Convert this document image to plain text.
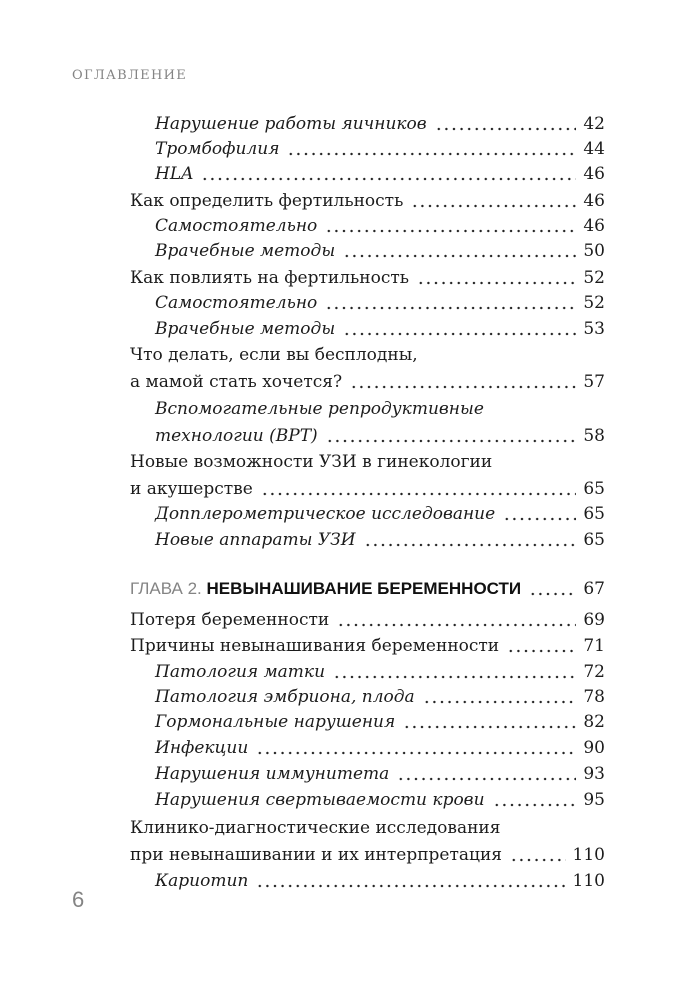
ОГЛАВЛЕНИЕ
Нарушение работы яичников	42
Тромбофилия	44
HLA	46
Как определить фертильность	46
Самостоятельно	46
Врачебные методы	50
Как повлиять на фертильность	52
Самостоятельно	52
Врачебные методы	53
Что делать, если вы бесплодны,
а мамой стать хочется?	57
Вспомогательные репродуктивные
технологии (ВРТ)	58
Новые возможности УЗИ в гинекологии
и акушерстве	65
Допплерометрическое исследование	65
Новые аппараты УЗИ	65
ГЛАВА 2. НЕВЫНАШИВАНИЕ БЕРЕМЕННОСТИ	67
Потеря беременности	69
Причины невынашивания беременности	71
Патология матки	72
Патология эмбриона, плода	78
Гормональные нарушения	82
Инфекции	90
Нарушения иммунитета	93
Нарушения свертываемости крови	95
Клинико-диагностические исследования
при невынашивании и их интерпретация	110
Кариотип	110
6
